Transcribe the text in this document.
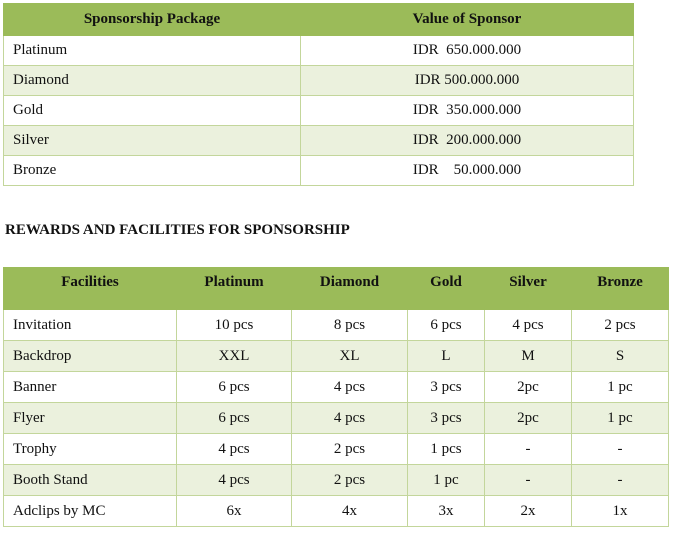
Sponsorship Package	Value of Sponsor
Platinum	IDR  650.000.000
Diamond	IDR 500.000.000
Gold	IDR  350.000.000
Silver	IDR  200.000.000
Bronze	IDR    50.000.000
REWARDS AND FACILITIES FOR SPONSORSHIP
Facilities	Platinum	Diamond	Gold	Silver	Bronze
Invitation	10 pcs	8 pcs	6 pcs	4 pcs	2 pcs
Backdrop	XXL	XL	L	M	S
Banner	6 pcs	4 pcs	3 pcs	2pc	1 pc
Flyer	6 pcs	4 pcs	3 pcs	2pc	1 pc
Trophy	4 pcs	2 pcs	1 pcs	-	-
Booth Stand	4 pcs	2 pcs	1 pc	-	-
Adclips by MC	6x	4x	3x	2x	1x
